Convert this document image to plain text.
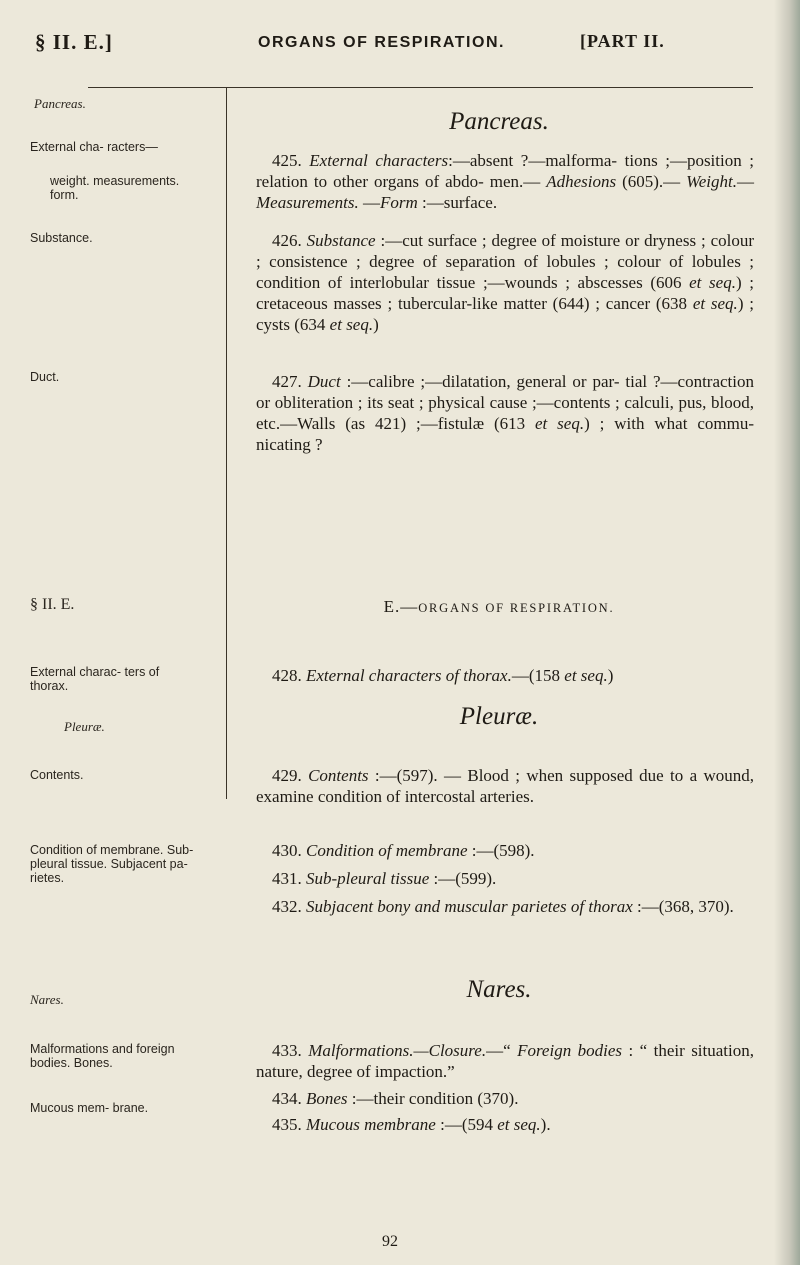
§ II. E.]	ORGANS OF RESPIRATION.	[PART II.
Pancreas.
External cha- racters—
weight. measurements. form.
Substance.
Duct.
§ II. E.
External charac- ters of thorax.
Pleuræ.
Contents.
Condition of membrane. Sub-pleural tissue. Subjacent pa- rietes.
Nares.
Malformations and foreign bodies. Bones.
Mucous mem- brane.
Pancreas.
425. External characters:—absent ?—malforma- tions ;—position ; relation to other organs of abdo- men.— Adhesions (605).— Weight.—Measurements. —Form :—surface.
426. Substance :—cut surface ; degree of moisture or dryness ; colour ; consistence ; degree of separation of lobules ; colour of lobules ; condition of interlobular tissue ;—wounds ; abscesses (606 et seq.) ; cretaceous masses ; tubercular-like matter (644) ; cancer (638 et seq.) ; cysts (634 et seq.)
427. Duct :—calibre ;—dilatation, general or par- tial ?—contraction or obliteration ; its seat ; physical cause ;—contents ; calculi, pus, blood, etc.—Walls (as 421) ;—fistulæ (613 et seq.) ; with what commu- nicating ?
E.—ORGANS OF RESPIRATION.
428. External characters of thorax.—(158 et seq.)
Pleuræ.
429. Contents :—(597). — Blood ; when supposed due to a wound, examine condition of intercostal arteries.
430. Condition of membrane :—(598).
431. Sub-pleural tissue :—(599).
432. Subjacent bony and muscular parietes of thorax :—(368, 370).
Nares.
433. Malformations.—Closure.—“ Foreign bodies : “ their situation, nature, degree of impaction.”
434. Bones :—their condition (370).
435. Mucous membrane :—(594 et seq.).
92
